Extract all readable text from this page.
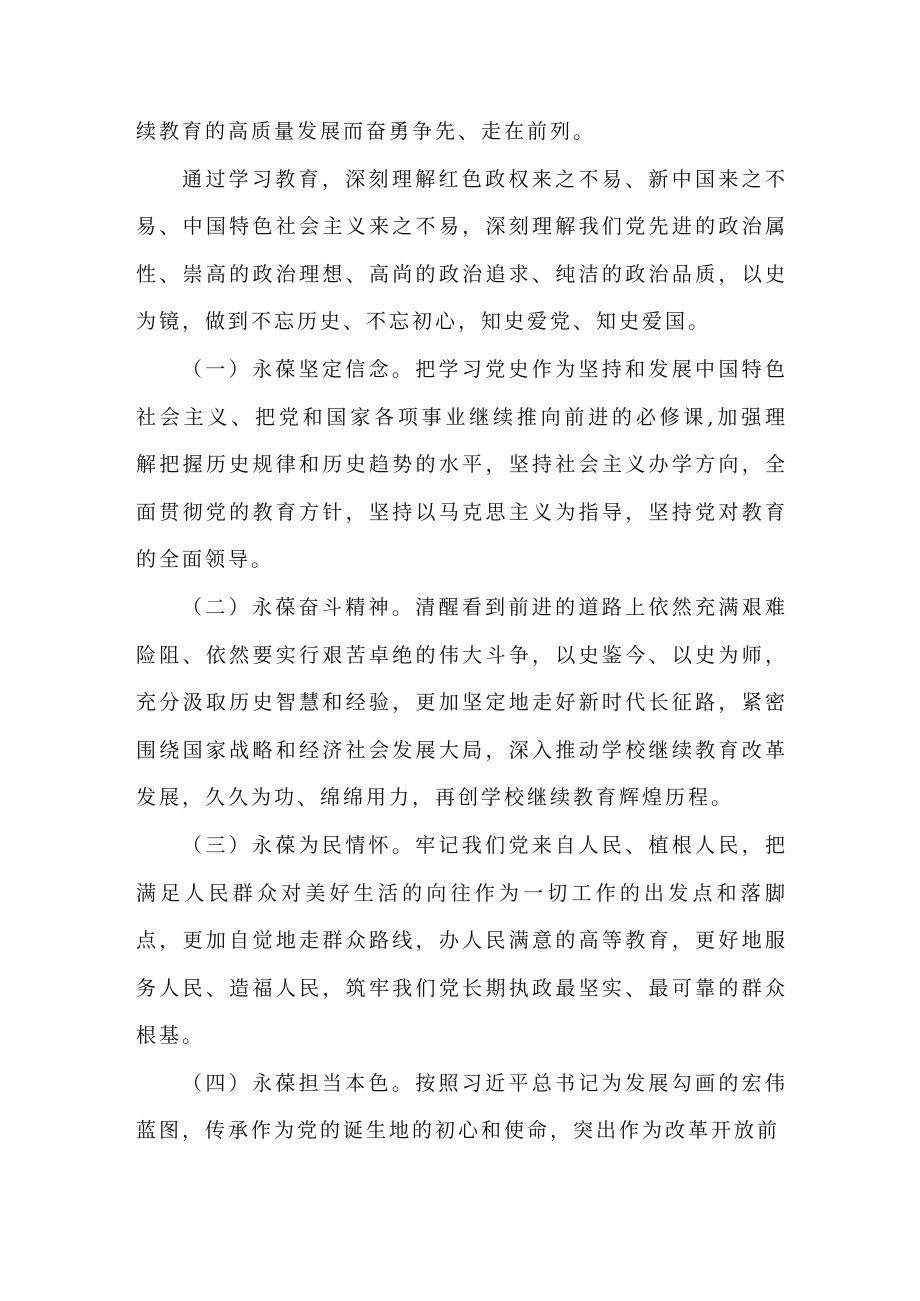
续教育的高质量发展而奋勇争先、走在前列。

通过学习教育，深刻理解红色政权来之不易、新中国来之不易、中国特色社会主义来之不易，深刻理解我们党先进的政治属性、崇高的政治理想、高尚的政治追求、纯洁的政治品质，以史为镜，做到不忘历史、不忘初心，知史爱党、知史爱国。

（一）永葆坚定信念。把学习党史作为坚持和发展中国特色社会主义、把党和国家各项事业继续推向前进的必修课,加强理解把握历史规律和历史趋势的水平，坚持社会主义办学方向，全面贯彻党的教育方针，坚持以马克思主义为指导，坚持党对教育的全面领导。

（二）永葆奋斗精神。清醒看到前进的道路上依然充满艰难险阻、依然要实行艰苦卓绝的伟大斗争，以史鉴今、以史为师，充分汲取历史智慧和经验，更加坚定地走好新时代长征路，紧密围绕国家战略和经济社会发展大局，深入推动学校继续教育改革发展，久久为功、绵绵用力，再创学校继续教育辉煌历程。

（三）永葆为民情怀。牢记我们党来自人民、植根人民，把满足人民群众对美好生活的向往作为一切工作的出发点和落脚点，更加自觉地走群众路线，办人民满意的高等教育，更好地服务人民、造福人民，筑牢我们党长期执政最坚实、最可靠的群众根基。

（四）永葆担当本色。按照习近平总书记为发展勾画的宏伟蓝图，传承作为党的诞生地的初心和使命，突出作为改革开放前
